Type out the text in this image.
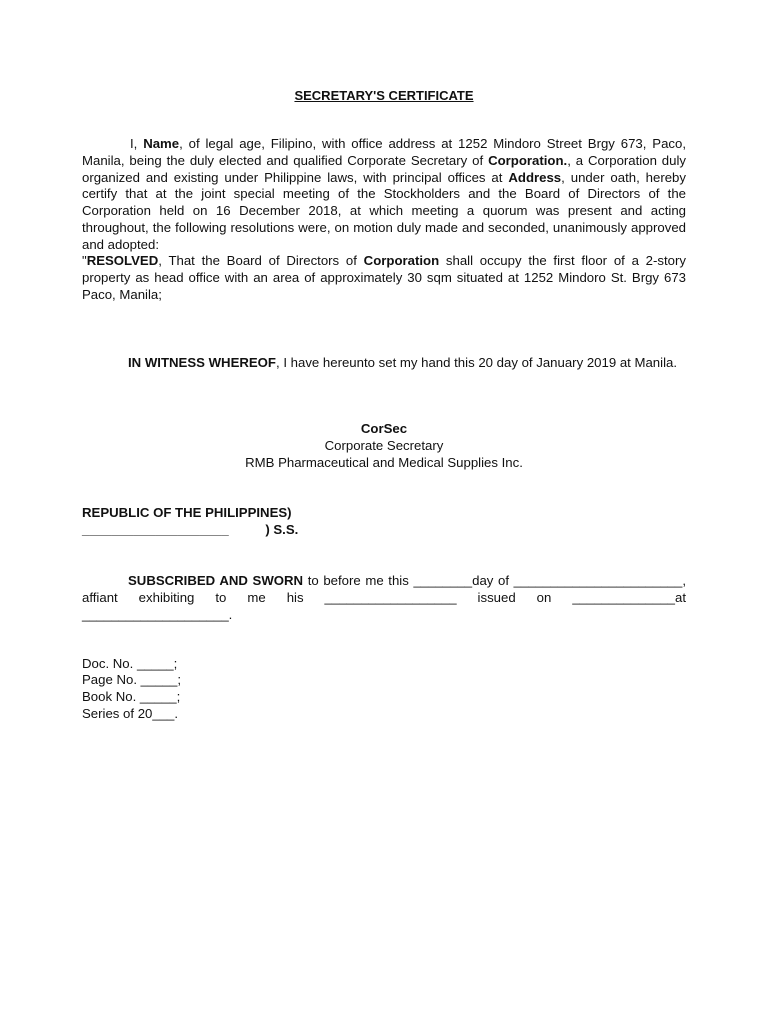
SECRETARY'S CERTIFICATE
I, Name, of legal age, Filipino, with office address at 1252 Mindoro Street Brgy 673, Paco, Manila, being the duly elected and qualified Corporate Secretary of Corporation., a Corporation duly organized and existing under Philippine laws, with principal offices at Address, under oath, hereby certify that at the joint special meeting of the Stockholders and the Board of Directors of the Corporation held on 16 December 2018, at which meeting a quorum was present and acting throughout, the following resolutions were, on motion duly made and seconded, unanimously approved and adopted:
"RESOLVED, That the Board of Directors of Corporation shall occupy the first floor of a 2-story property as head office with an area of approximately 30 sqm situated at 1252 Mindoro St. Brgy 673 Paco, Manila;
IN WITNESS WHEREOF, I have hereunto set my hand this 20 day of January 2019 at Manila.
CorSec
Corporate Secretary
RMB Pharmaceutical and Medical Supplies Inc.
REPUBLIC OF THE PHILIPPINES)
____________________          ) S.S.
SUBSCRIBED AND SWORN to before me this ________day of _______________________, affiant exhibiting to me his __________________ issued on ______________at ____________________.
Doc. No. _____;
Page No. _____;
Book No. _____;
Series of 20___.
